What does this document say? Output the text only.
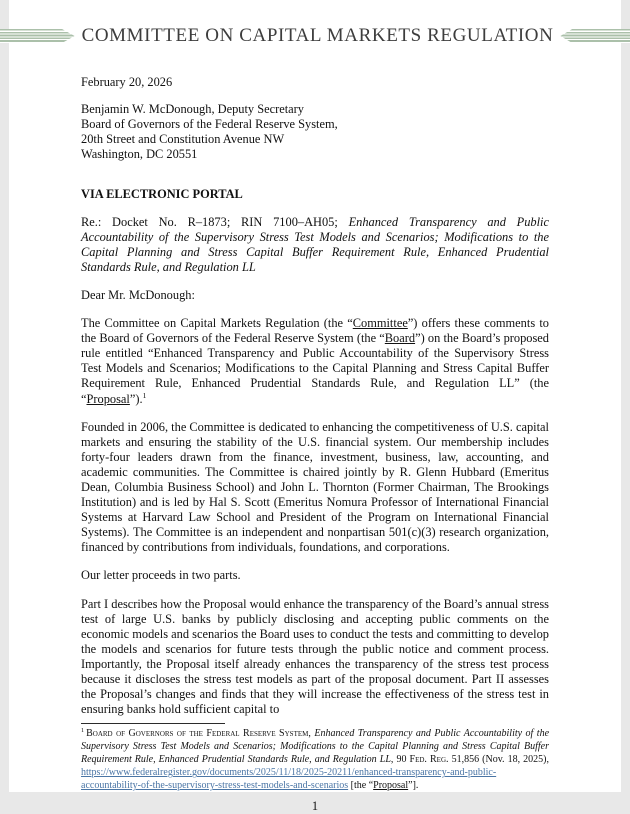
COMMITTEE ON CAPITAL MARKETS REGULATION
February 20, 2026
Benjamin W. McDonough, Deputy Secretary
Board of Governors of the Federal Reserve System,
20th Street and Constitution Avenue NW
Washington, DC 20551
VIA ELECTRONIC PORTAL

Re.: Docket No. R–1873; RIN 7100–AH05; Enhanced Transparency and Public Accountability of the Supervisory Stress Test Models and Scenarios; Modifications to the Capital Planning and Stress Capital Buffer Requirement Rule, Enhanced Prudential Standards Rule, and Regulation LL

Dear Mr. McDonough:

The Committee on Capital Markets Regulation (the “Committee”) offers these comments to the Board of Governors of the Federal Reserve System (the “Board”) on the Board’s proposed rule entitled “Enhanced Transparency and Public Accountability of the Supervisory Stress Test Models and Scenarios; Modifications to the Capital Planning and Stress Capital Buffer Requirement Rule, Enhanced Prudential Standards Rule, and Regulation LL” (the “Proposal”).$^1$

Founded in 2006, the Committee is dedicated to enhancing the competitiveness of U.S. capital markets and ensuring the stability of the U.S. financial system. Our membership includes forty-four leaders drawn from the finance, investment, business, law, accounting, and academic communities. The Committee is chaired jointly by R. Glenn Hubbard (Emeritus Dean, Columbia Business School) and John L. Thornton (Former Chairman, The Brookings Institution) and is led by Hal S. Scott (Emeritus Nomura Professor of International Financial Systems at Harvard Law School and President of the Program on International Financial Systems). The Committee is an independent and nonpartisan 501(c)(3) research organization, financed by contributions from individuals, foundations, and corporations.

Our letter proceeds in two parts.

Part I describes how the Proposal would enhance the transparency of the Board’s annual stress test of large U.S. banks by publicly disclosing and accepting public comments on the economic models and scenarios the Board uses to conduct the tests and committing to develop the models and scenarios for future tests through the public notice and comment process. Importantly, the Proposal itself already enhances the transparency of the stress test process because it discloses the stress test models as part of the proposal document. Part II assesses the Proposal’s changes and finds that they will increase the effectiveness of the stress test in ensuring banks hold sufficient capital to

$^1$ Board of Governors of the Federal Reserve System, Enhanced Transparency and Public Accountability of the Supervisory Stress Test Models and Scenarios; Modifications to the Capital Planning and Stress Capital Buffer Requirement Rule, Enhanced Prudential Standards Rule, and Regulation LL, 90 Fed. Reg. 51,856 (Nov. 18, 2025), https://www.federalregister.gov/documents/2025/11/18/2025-20211/enhanced-transparency-and-public-accountability-of-the-supervisory-stress-test-models-and-scenarios [the “Proposal”].

1
